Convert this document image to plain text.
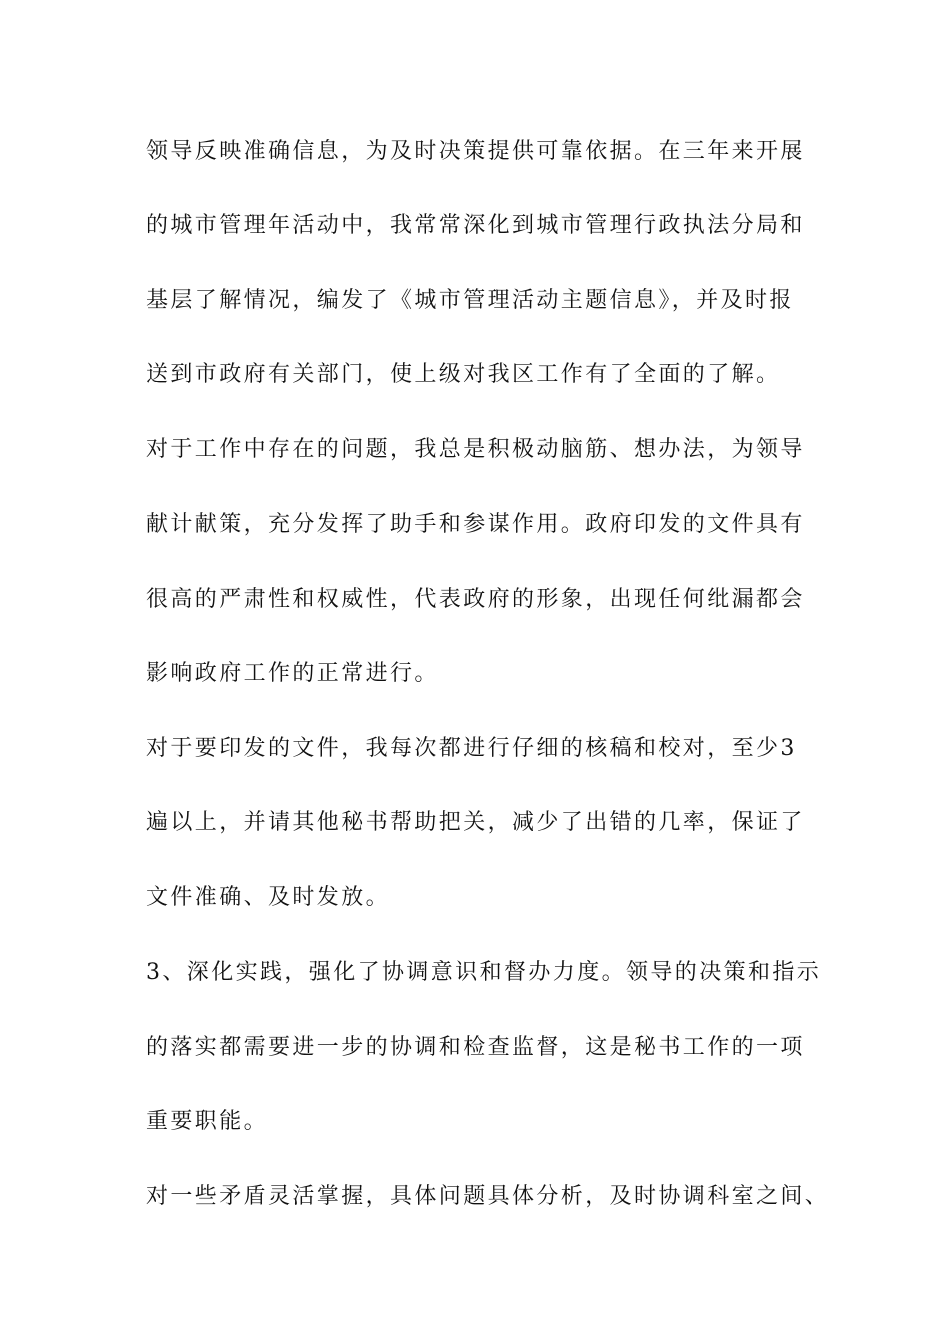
领导反映准确信息，为及时决策提供可靠依据。在三年来开展
的城市管理年活动中，我常常深化到城市管理行政执法分局和
基层了解情况，编发了《城市管理活动主题信息》，并及时报
送到市政府有关部门，使上级对我区工作有了全面的了解。
对于工作中存在的问题，我总是积极动脑筋、想办法，为领导
献计献策，充分发挥了助手和参谋作用。政府印发的文件具有
很高的严肃性和权威性，代表政府的形象，出现任何纰漏都会
影响政府工作的正常进行。
对于要印发的文件，我每次都进行仔细的核稿和校对，至少3
遍以上，并请其他秘书帮助把关，减少了出错的几率，保证了
文件准确、及时发放。
3、深化实践，强化了协调意识和督办力度。领导的决策和指示
的落实都需要进一步的协调和检查监督，这是秘书工作的一项
重要职能。
对一些矛盾灵活掌握，具体问题具体分析，及时协调科室之间、
